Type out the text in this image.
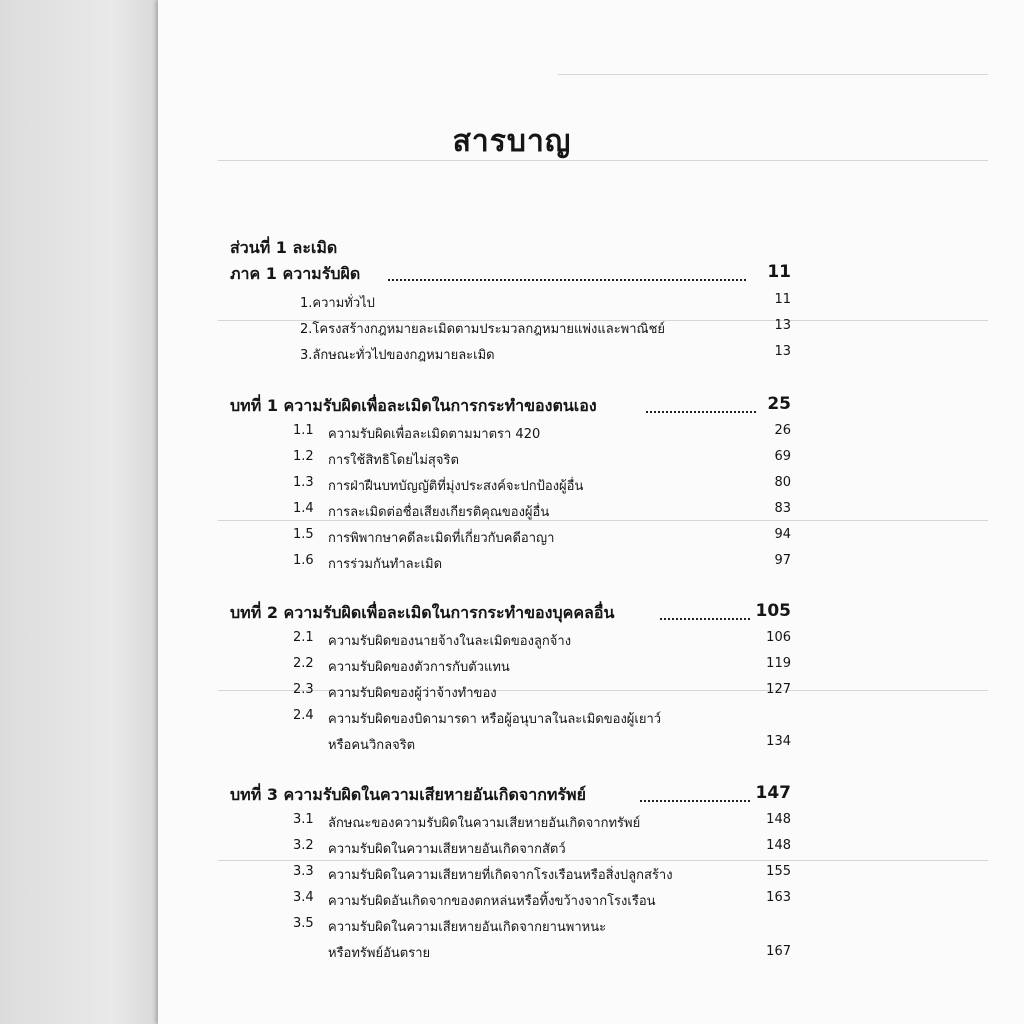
สารบาญ
ส่วนที่ 1 ละเมิด
ภาค 1 ความรับผิด	11
1.ความทั่วไป	11
2.โครงสร้างกฎหมายละเมิดตามประมวลกฎหมายแพ่งและพาณิชย์	13
3.ลักษณะทั่วไปของกฎหมายละเมิด	13
บทที่ 1 ความรับผิดเพื่อละเมิดในการกระทำของตนเอง	25
1.1 ความรับผิดเพื่อละเมิดตามมาตรา 420	26
1.2 การใช้สิทธิโดยไม่สุจริต	69
1.3 การฝ่าฝืนบทบัญญัติที่มุ่งประสงค์จะปกป้องผู้อื่น	80
1.4 การละเมิดต่อชื่อเสียงเกียรติคุณของผู้อื่น	83
1.5 การพิพากษาคดีละเมิดที่เกี่ยวกับคดีอาญา	94
1.6 การร่วมกันทำละเมิด	97
บทที่ 2 ความรับผิดเพื่อละเมิดในการกระทำของบุคคลอื่น	105
2.1 ความรับผิดของนายจ้างในละเมิดของลูกจ้าง	106
2.2 ความรับผิดของตัวการกับตัวแทน	119
2.3 ความรับผิดของผู้ว่าจ้างทำของ	127
2.4 ความรับผิดของบิดามารดา หรือผู้อนุบาลในละเมิดของผู้เยาว์
หรือคนวิกลจริต	134
บทที่ 3 ความรับผิดในความเสียหายอันเกิดจากทรัพย์	147
3.1 ลักษณะของความรับผิดในความเสียหายอันเกิดจากทรัพย์	148
3.2 ความรับผิดในความเสียหายอันเกิดจากสัตว์	148
3.3 ความรับผิดในความเสียหายที่เกิดจากโรงเรือนหรือสิ่งปลูกสร้าง	155
3.4 ความรับผิดอันเกิดจากของตกหล่นหรือทิ้งขว้างจากโรงเรือน	163
3.5 ความรับผิดในความเสียหายอันเกิดจากยานพาหนะ
หรือทรัพย์อันตราย	167
